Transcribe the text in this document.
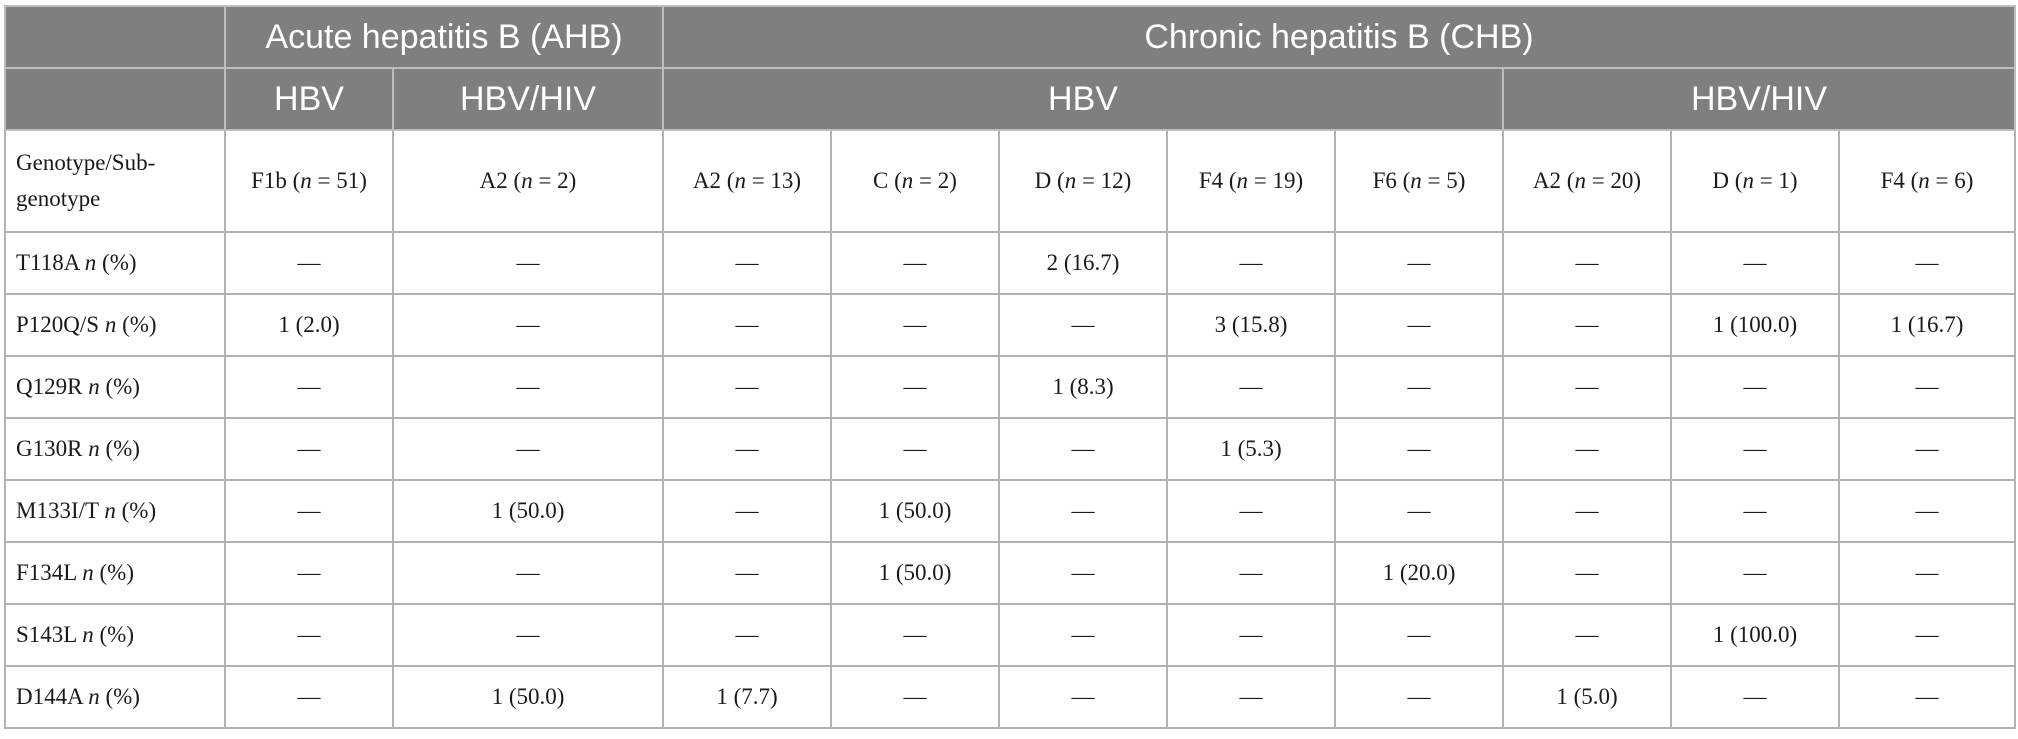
	Acute hepatitis B (AHB)		Chronic hepatitis B (CHB)							
	HBV	HBV/HIV	HBV					HBV/HIV		
Genotype/Sub-
genotype	F1b (n = 51)	A2 (n = 2)	A2 (n = 13)	C (n = 2)	D (n = 12)	F4 (n = 19)	F6 (n = 5)	A2 (n = 20)	D (n = 1)	F4 (n = 6)
T118A n (%)	—	—	—	—	2 (16.7)	—	—	—	—	—
P120Q/S n (%)	1 (2.0)	—	—	—	—	3 (15.8)	—	—	1 (100.0)	1 (16.7)
Q129R n (%)	—	—	—	—	1 (8.3)	—	—	—	—	—
G130R n (%)	—	—	—	—	—	1 (5.3)	—	—	—	—
M133I/T n (%)	—	1 (50.0)	—	1 (50.0)	—	—	—	—	—	—
F134L n (%)	—	—	—	1 (50.0)	—	—	1 (20.0)	—	—	—
S143L n (%)	—	—	—	—	—	—	—	—	1 (100.0)	—
D144A n (%)	—	1 (50.0)	1 (7.7)	—	—	—	—	1 (5.0)	—	—
